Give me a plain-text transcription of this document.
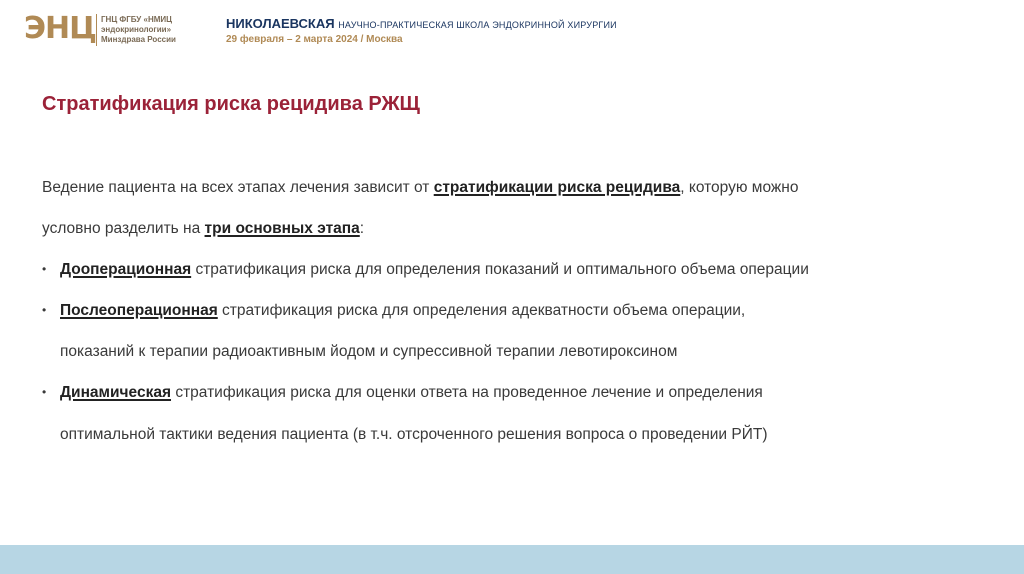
ЭНЦ ГНЦ ФГБУ «НМИЦ
эндокринологии»
Минздрава России
НИКОЛАЕВСКАЯ НАУЧНО-ПРАКТИЧЕСКАЯ ШКОЛА ЭНДОКРИННОЙ ХИРУРГИИ
29 февраля – 2 марта 2024 / Москва
Стратификация риска рецидива РЖЩ
Ведение пациента на всех этапах лечения зависит от стратификации риска рецидива, которую можно
условно разделить на три основных этапа:
• Дооперационная стратификация риска для определения показаний и оптимального объема операции
• Послеоперационная стратификация риска для определения адекватности объема операции,
показаний к терапии радиоактивным йодом и супрессивной терапии левотироксином
• Динамическая стратификация риска для оценки ответа на проведенное лечение и определения
оптимальной тактики ведения пациента (в т.ч. отсроченного решения вопроса о проведении РЙТ)
